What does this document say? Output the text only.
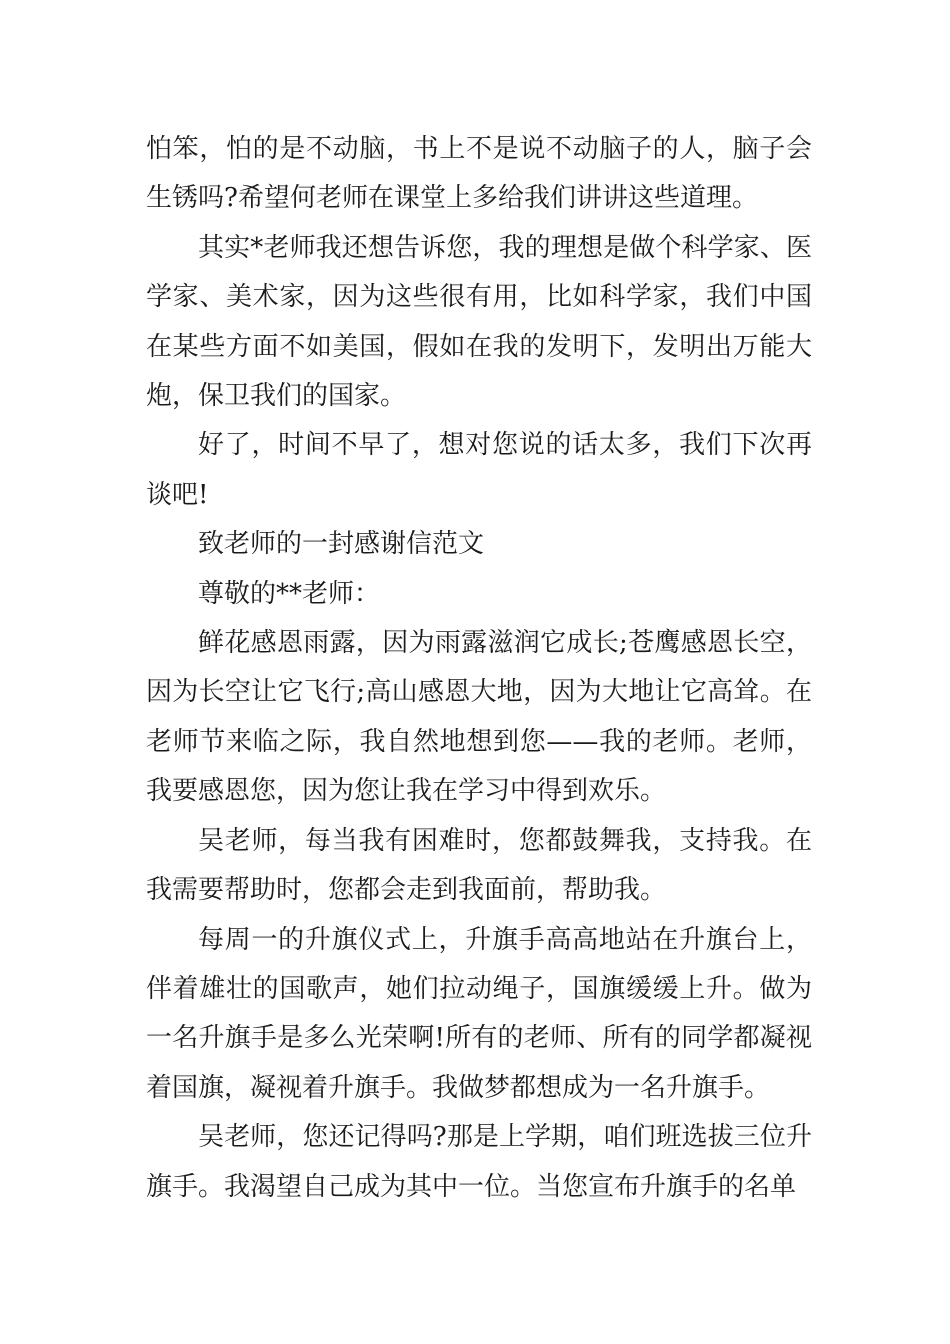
怕笨，怕的是不动脑，书上不是说不动脑子的人，脑子会生锈吗?希望何老师在课堂上多给我们讲讲这些道理。

其实*老师我还想告诉您，我的理想是做个科学家、医学家、美术家，因为这些很有用，比如科学家，我们中国在某些方面不如美国，假如在我的发明下，发明出万能大炮，保卫我们的国家。

好了，时间不早了，想对您说的话太多，我们下次再谈吧!

致老师的一封感谢信范文

尊敬的**老师：

鲜花感恩雨露，因为雨露滋润它成长;苍鹰感恩长空，因为长空让它飞行;高山感恩大地，因为大地让它高耸。在老师节来临之际，我自然地想到您——我的老师。老师，我要感恩您，因为您让我在学习中得到欢乐。

吴老师，每当我有困难时，您都鼓舞我，支持我。在我需要帮助时，您都会走到我面前，帮助我。

每周一的升旗仪式上，升旗手高高地站在升旗台上，伴着雄壮的国歌声，她们拉动绳子，国旗缓缓上升。做为一名升旗手是多么光荣啊!所有的老师、所有的同学都凝视着国旗，凝视着升旗手。我做梦都想成为一名升旗手。

吴老师，您还记得吗?那是上学期，咱们班选拔三位升旗手。我渴望自己成为其中一位。当您宣布升旗手的名单
